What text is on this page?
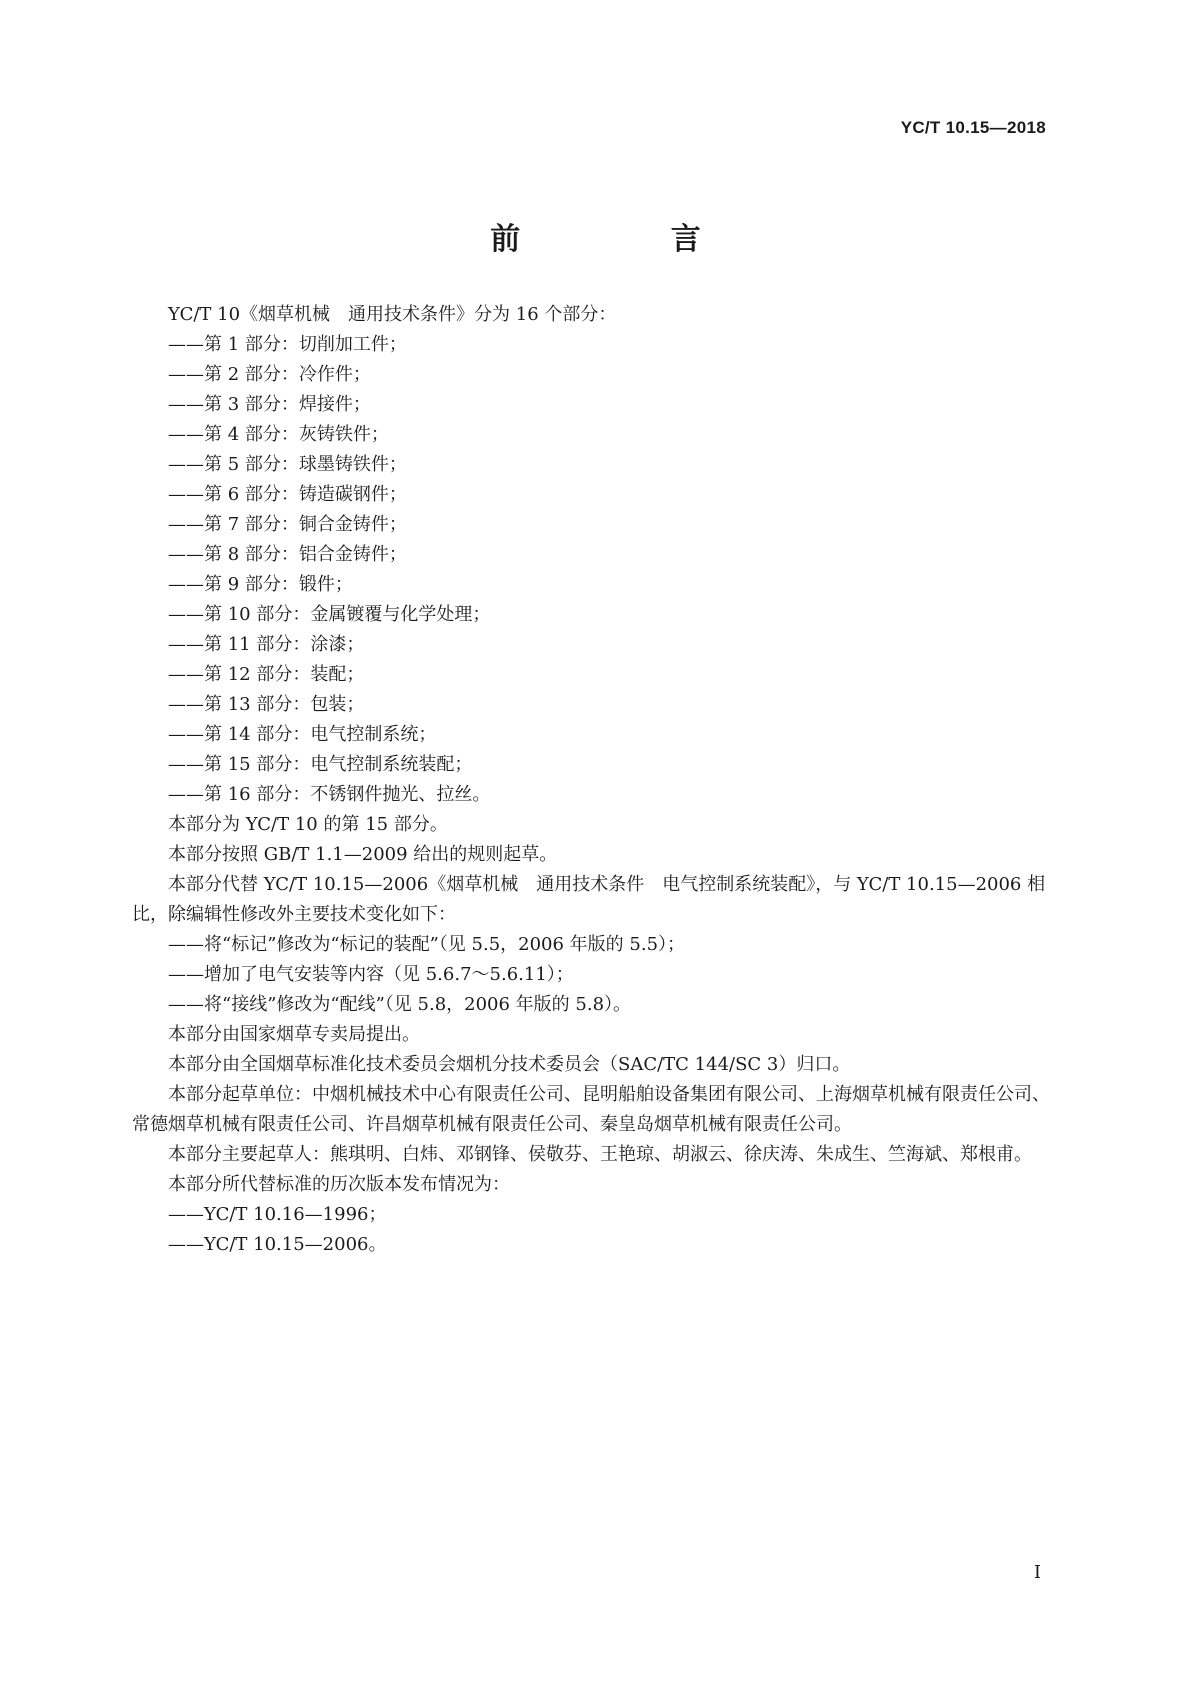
YC/T 10.15—2018
前 言
YC/T 10《烟草机械　通用技术条件》分为 16 个部分：
——第 1 部分：切削加工件；
——第 2 部分：冷作件；
——第 3 部分：焊接件；
——第 4 部分：灰铸铁件；
——第 5 部分：球墨铸铁件；
——第 6 部分：铸造碳钢件；
——第 7 部分：铜合金铸件；
——第 8 部分：铝合金铸件；
——第 9 部分：锻件；
——第 10 部分：金属镀覆与化学处理；
——第 11 部分：涂漆；
——第 12 部分：装配；
——第 13 部分：包装；
——第 14 部分：电气控制系统；
——第 15 部分：电气控制系统装配；
——第 16 部分：不锈钢件抛光、拉丝。
本部分为 YC/T 10 的第 15 部分。
本部分按照 GB/T 1.1—2009 给出的规则起草。
本部分代替 YC/T 10.15—2006《烟草机械　通用技术条件　电气控制系统装配》，与 YC/T 10.15—2006 相比，除编辑性修改外主要技术变化如下：
——将“标记”修改为“标记的装配”（见 5.5，2006 年版的 5.5）；
——增加了电气安装等内容（见 5.6.7～5.6.11）；
——将“接线”修改为“配线”（见 5.8，2006 年版的 5.8）。
本部分由国家烟草专卖局提出。
本部分由全国烟草标准化技术委员会烟机分技术委员会（SAC/TC 144/SC 3）归口。
本部分起草单位：中烟机械技术中心有限责任公司、昆明船舶设备集团有限公司、上海烟草机械有限责任公司、常德烟草机械有限责任公司、许昌烟草机械有限责任公司、秦皇岛烟草机械有限责任公司。
本部分主要起草人：熊琪明、白炜、邓钢锋、侯敬芬、王艳琼、胡淑云、徐庆涛、朱成生、竺海斌、郑根甫。
本部分所代替标准的历次版本发布情况为：
——YC/T 10.16—1996；
——YC/T 10.15—2006。
I
